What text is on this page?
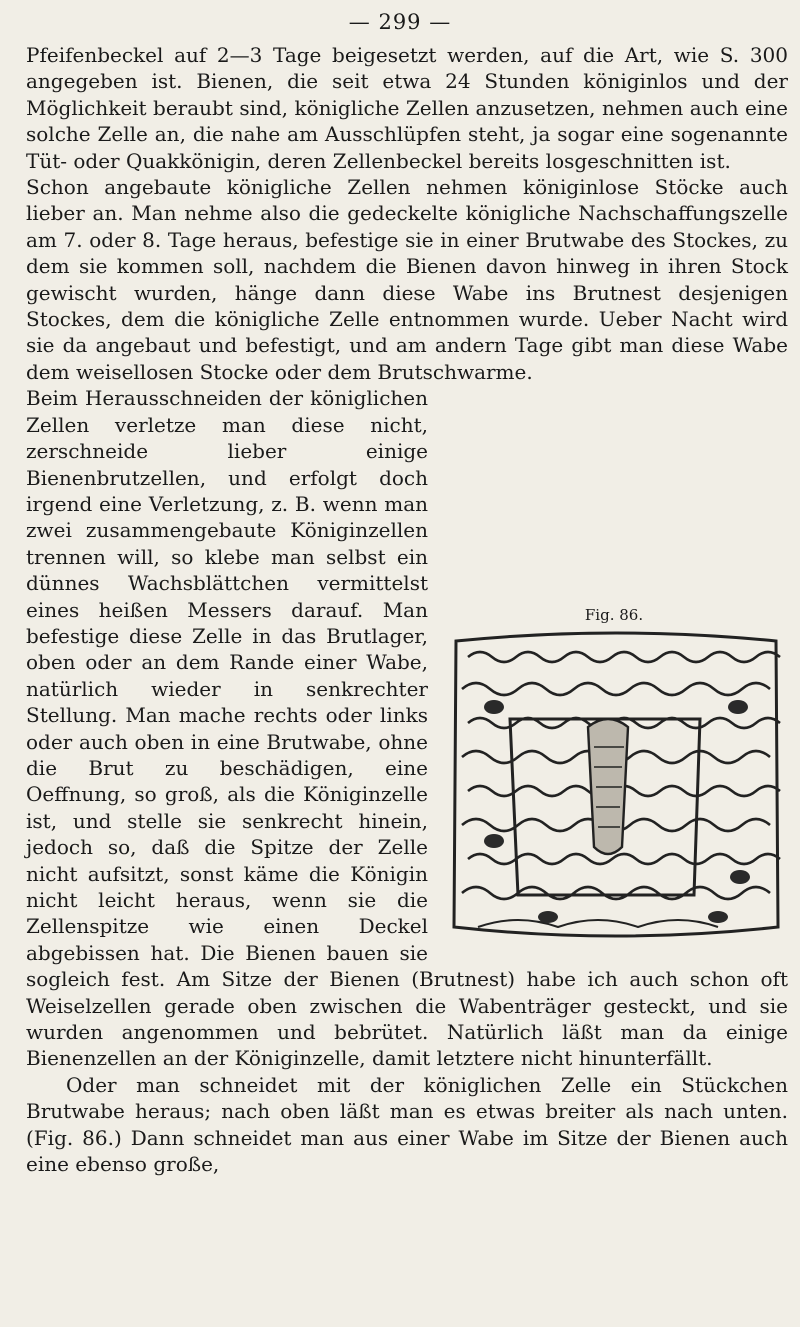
— 299 —

Pfeifenbeckel auf 2—3 Tage beigesetzt werden, auf die Art, wie S. 300 angegeben ist. Bienen, die seit etwa 24 Stunden königinlos und der Möglichkeit beraubt sind, königliche Zellen anzusetzen, nehmen auch eine solche Zelle an, die nahe am Ausschlüpfen steht, ja sogar eine sogenannte Tüt- oder Quakkönigin, deren Zellenbeckel bereits losgeschnitten ist.

Schon angebaute königliche Zellen nehmen königinlose Stöcke auch lieber an. Man nehme also die gedeckelte königliche Nachschaffungszelle am 7. oder 8. Tage heraus, befestige sie in einer Brutwabe des Stockes, zu dem sie kommen soll, nachdem die Bienen davon hinweg in ihren Stock gewischt wurden, hänge dann diese Wabe ins Brutnest desjenigen Stockes, dem die königliche Zelle entnommen wurde. Ueber Nacht wird sie da angebaut und befestigt, und am andern Tage gibt man diese Wabe dem weisellosen Stocke oder dem Brutschwarme.

Fig. 86.

Beim Herausschneiden der königlichen Zellen verletze man diese nicht, zerschneide lieber einige Bienenbrutzellen, und erfolgt doch irgend eine Verletzung, z. B. wenn man zwei zusammengebaute Königinzellen trennen will, so klebe man selbst ein dünnes Wachsblättchen vermittelst eines heißen Messers darauf. Man befestige diese Zelle in das Brutlager, oben oder an dem Rande einer Wabe, natürlich wieder in senkrechter Stellung. Man mache rechts oder links oder auch oben in eine Brutwabe, ohne die Brut zu beschädigen, eine Oeffnung, so groß, als die Königinzelle ist, und stelle sie senkrecht hinein, jedoch so, daß die Spitze der Zelle nicht aufsitzt, sonst käme die Königin nicht leicht heraus, wenn sie die Zellenspitze wie einen Deckel abgebissen hat. Die Bienen bauen sie sogleich fest. Am Sitze der Bienen (Brutnest) habe ich auch schon oft Weiselzellen gerade oben zwischen die Wabenträger gesteckt, und sie wurden angenommen und bebrütet. Natürlich läßt man da einige Bienenzellen an der Königinzelle, damit letztere nicht hinunterfällt.

Oder man schneidet mit der königlichen Zelle ein Stückchen Brutwabe heraus; nach oben läßt man es etwas breiter als nach unten. (Fig. 86.) Dann schneidet man aus einer Wabe im Sitze der Bienen auch eine ebenso große,
